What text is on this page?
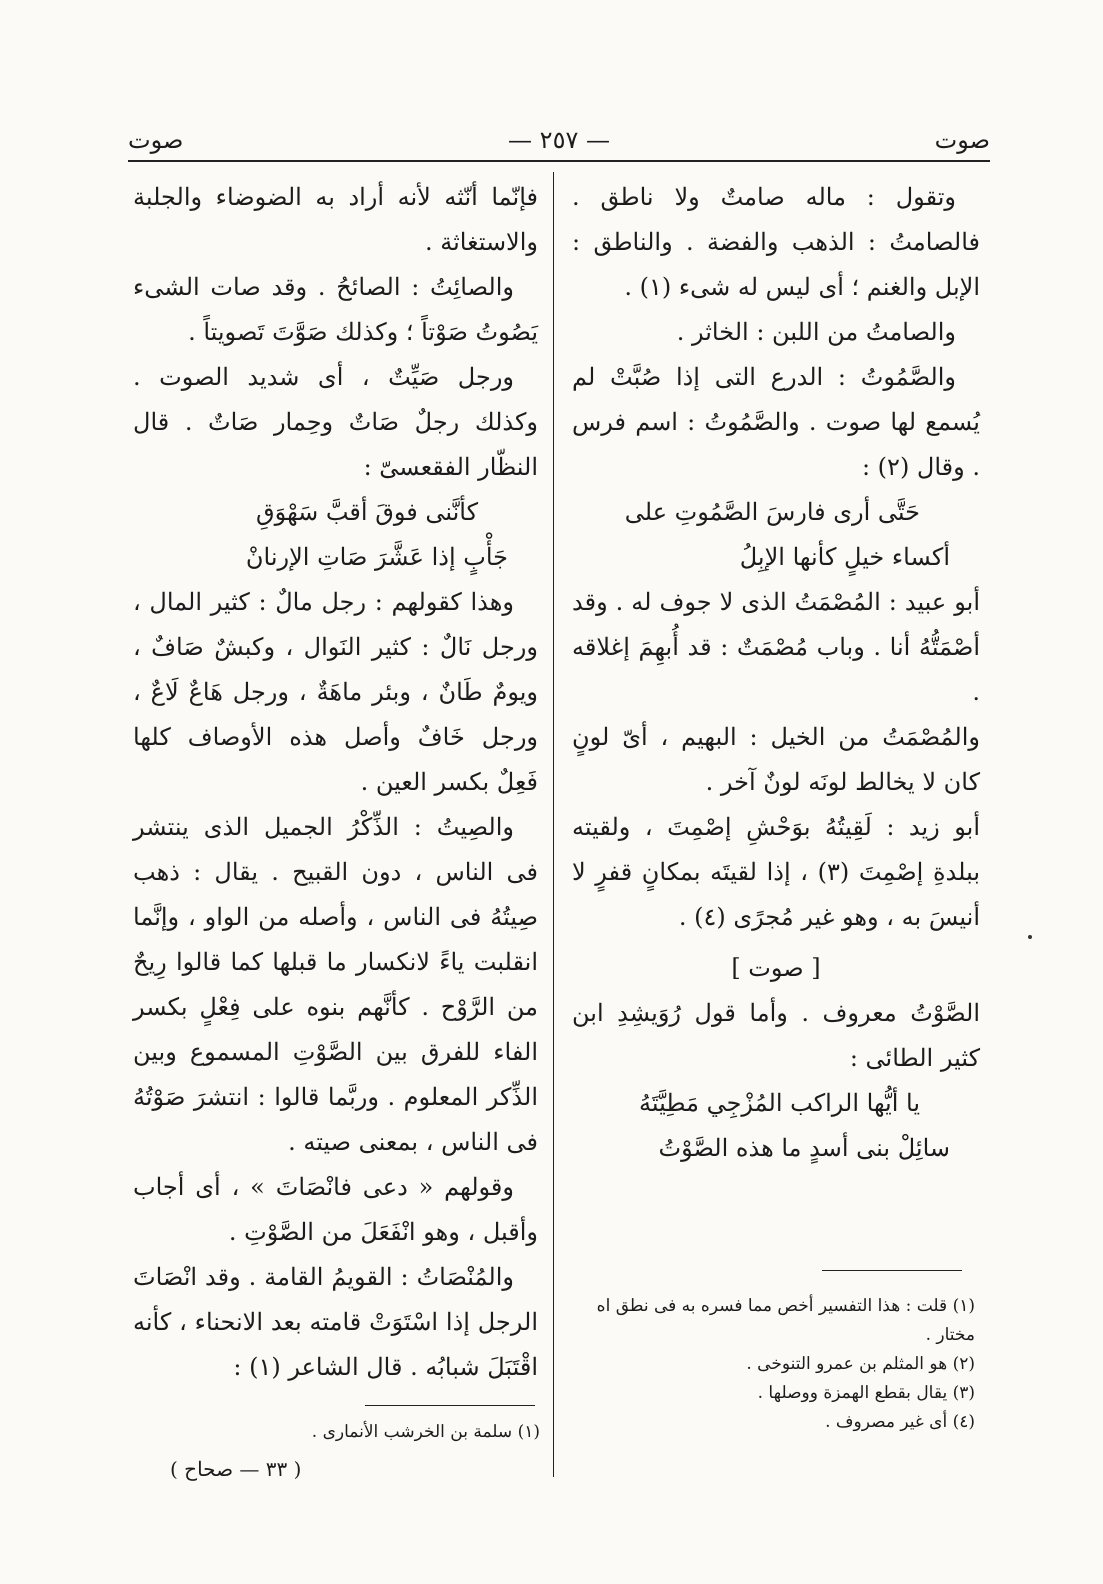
صوت
— ٢٥٧ —
صوت

وتقول : ماله صامتٌ ولا ناطق . فالصامتُ : الذهب والفضة . والناطق : الإبل والغنم ؛ أى ليس له شىء (١) .

والصامتُ من اللبن : الخاثر .

والصَّمُوتُ : الدرع التى إذا صُبَّتْ لم يُسمع لها صوت . والصَّمُوتُ : اسم فرس . وقال (٢) :

حَتَّى أرى فارسَ الصَّمُوتِ على

أكساء خيلٍ كأنها الإبِلُ

أبو عبيد : المُصْمَتُ الذى لا جوف له . وقد أصْمَتُّهُ أنا . وباب مُصْمَتٌ : قد أُبهِمَ إغلاقه .

والمُصْمَتُ من الخيل : البهيم ، أىّ لونٍ كان لا يخالط لونَه لونٌ آخر .

أبو زيد : لَقِيتُهُ بوَحْشِ إصْمِتَ ، ولقيته ببلدةِ إصْمِتَ (٣) ، إذا لقيتَه بمكانٍ قفرٍ لا أنيسَ به ، وهو غير مُجرًى (٤) .

[ صوت ]

الصَّوْتُ معروف . وأما قول رُوَيشِدِ ابن كثير الطائى :

يا أيُّها الراكب المُزْجِي مَطِيَّتَهُ

سائِلْ بنى أسدٍ ما هذه الصَّوْتُ

فإنّما أنّثه لأنه أراد به الضوضاء والجلبة والاستغاثة .

والصائِتُ : الصائحُ . وقد صات الشىء يَصُوتُ صَوْتاً ؛ وكذلك صَوَّتَ تَصويتاً .

ورجل صَيِّتٌ ، أى شديد الصوت . وكذلك رجلٌ صَاتٌ وحِمار صَاتٌ . قال النظّار الفقعسىّ :

كأنَّنى فوقَ أقبَّ سَهْوَقِ

جَأْبٍ إذا عَشَّرَ صَاتِ الإرنانْ

وهذا كقولهم : رجل مالٌ : كثير المال ، ورجل نَالٌ : كثير النَوال ، وكبشٌ صَافٌ ، ويومٌ طَانٌ ، وبئر ماهَةٌ ، ورجل هَاعٌ لَاعٌ ، ورجل خَافٌ وأصل هذه الأوصاف كلها فَعِلٌ بكسر العين .

والصِيتُ : الذِّكْرُ الجميل الذى ينتشر فى الناس ، دون القبيح . يقال : ذهب صِيتُهُ فى الناس ، وأصله من الواو ، وإنَّما انقلبت ياءً لانكسار ما قبلها كما قالوا رِيحٌ من الرَّوْح . كأنَّهم بنوه على فِعْلٍ بكسر الفاء للفرق بين الصَّوْتِ المسموع وبين الذِّكر المعلوم . وربَّما قالوا : انتشرَ صَوْتُهُ فى الناس ، بمعنى صيته .

وقولهم « دعى فانْصَاتَ » ، أى أجاب وأقبل ، وهو انْفَعَلَ من الصَّوْتِ .

والمُنْصَاتُ : القويمُ القامة . وقد انْصَاتَ الرجل إذا اسْتَوَتْ قامته بعد الانحناء ، كأنه اقْتَبَلَ شبابُه . قال الشاعر (١) :

(١) قلت : هذا التفسير أخص مما فسره به فى نطق اه مختار .

(٢) هو المثلم بن عمرو التنوخى .

(٣) يقال بقطع الهمزة ووصلها .

(٤) أى غير مصروف .

(١) سلمة بن الخرشب الأنمارى .

( ٣٣ — صحاح )
